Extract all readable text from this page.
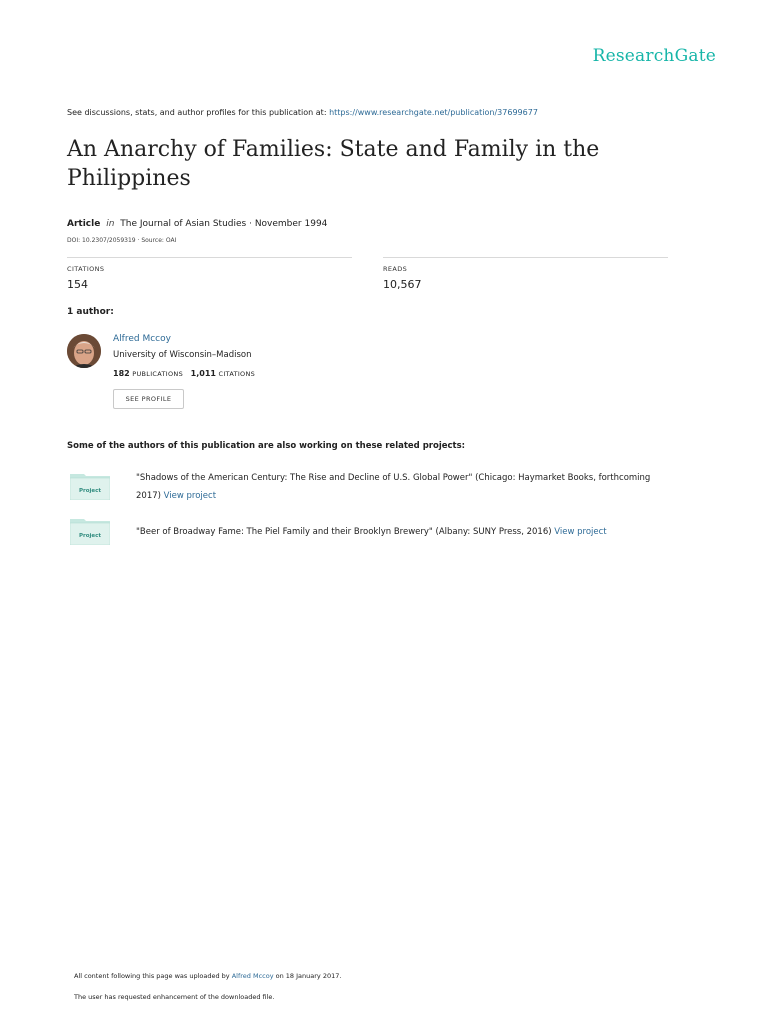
ResearchGate
See discussions, stats, and author profiles for this publication at: https://www.researchgate.net/publication/37699677
An Anarchy of Families: State and Family in the Philippines
Article in The Journal of Asian Studies · November 1994
DOI: 10.2307/2059319 · Source: OAI
CITATIONS
154
READS
10,567
1 author:
Alfred Mccoy
University of Wisconsin–Madison
182 PUBLICATIONS 1,011 CITATIONS
SEE PROFILE
Some of the authors of this publication are also working on these related projects:
Project
"Shadows of the American Century: The Rise and Decline of U.S. Global Power" (Chicago: Haymarket Books, forthcoming 2017) View project
Project	"Beer of Broadway Fame: The Piel Family and their Brooklyn Brewery" (Albany: SUNY Press, 2016) View project
All content following this page was uploaded by Alfred Mccoy on 18 January 2017.
The user has requested enhancement of the downloaded file.
